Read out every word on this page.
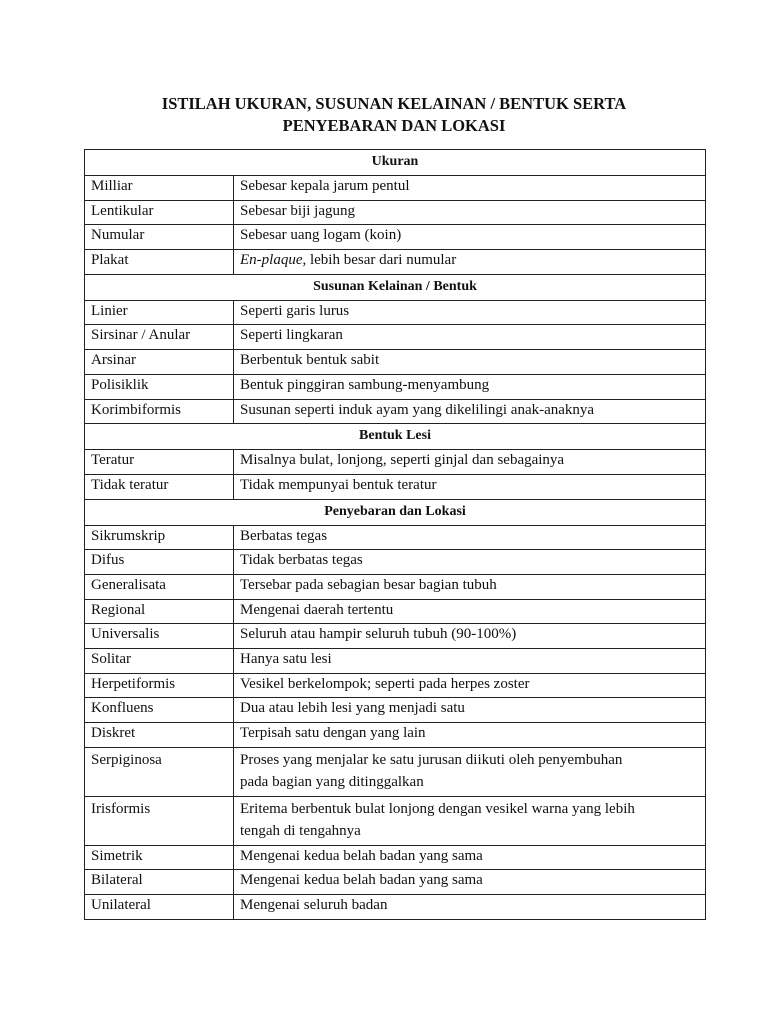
ISTILAH UKURAN, SUSUNAN KELAINAN / BENTUK SERTA
PENYEBARAN DAN LOKASI
Ukuran	
Milliar	Sebesar kepala jarum pentul
Lentikular	Sebesar biji jagung
Numular	Sebesar uang logam (koin)
Plakat	En-plaque, lebih besar dari numular
Susunan Kelainan / Bentuk	
Linier	Seperti garis lurus
Sirsinar / Anular	Seperti lingkaran
Arsinar	Berbentuk bentuk sabit
Polisiklik	Bentuk pinggiran sambung-menyambung
Korimbiformis	Susunan seperti induk ayam yang dikelilingi anak-anaknya
Bentuk Lesi	
Teratur	Misalnya bulat, lonjong, seperti ginjal dan sebagainya
Tidak teratur	Tidak mempunyai bentuk teratur
Penyebaran dan Lokasi	
Sikrumskrip	Berbatas tegas
Difus	Tidak berbatas tegas
Generalisata	Tersebar pada sebagian besar bagian tubuh
Regional	Mengenai daerah tertentu
Universalis	Seluruh atau hampir seluruh tubuh (90-100%)
Solitar	Hanya satu lesi
Herpetiformis	Vesikel berkelompok; seperti pada herpes zoster
Konfluens	Dua atau lebih lesi yang menjadi satu
Diskret	Terpisah satu dengan yang lain
Serpiginosa	Proses yang menjalar ke satu jurusan diikuti oleh penyembuhan
pada bagian yang ditinggalkan

Irisformis	Eritema berbentuk bulat lonjong dengan vesikel warna yang lebih
tengah di tengahnya

Simetrik	Mengenai kedua belah badan yang sama
Bilateral	Mengenai kedua belah badan yang sama
Unilateral	Mengenai seluruh badan
